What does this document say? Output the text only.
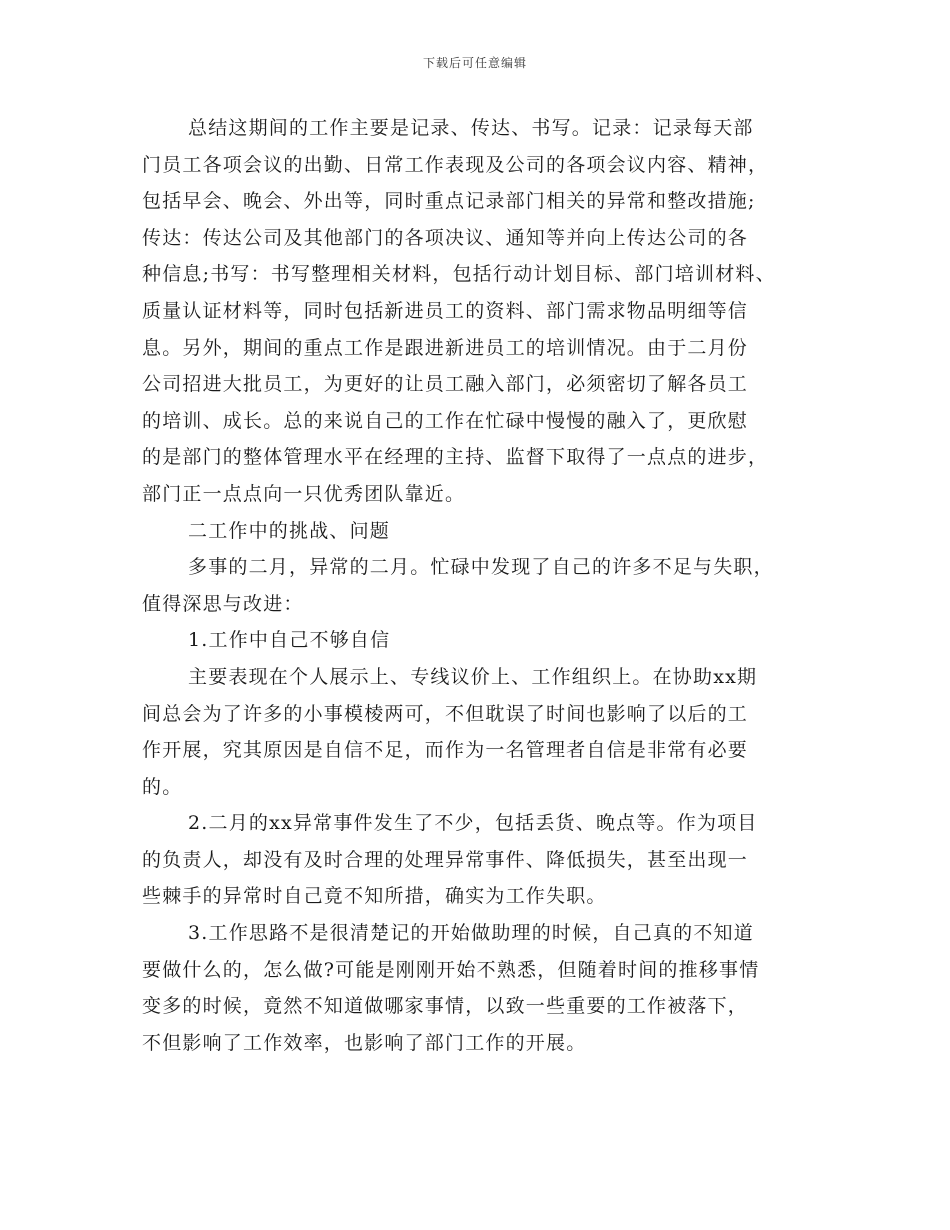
下载后可任意编辑
总结这期间的工作主要是记录、传达、书写。记录：记录每天部
门员工各项会议的出勤、日常工作表现及公司的各项会议内容、精神，
包括早会、晚会、外出等，同时重点记录部门相关的异常和整改措施;
传达：传达公司及其他部门的各项决议、通知等并向上传达公司的各
种信息;书写：书写整理相关材料，包括行动计划目标、部门培训材料、
质量认证材料等，同时包括新进员工的资料、部门需求物品明细等信
息。另外，期间的重点工作是跟进新进员工的培训情况。由于二月份
公司招进大批员工，为更好的让员工融入部门，必须密切了解各员工
的培训、成长。总的来说自己的工作在忙碌中慢慢的融入了，更欣慰
的是部门的整体管理水平在经理的主持、监督下取得了一点点的进步，
部门正一点点向一只优秀团队靠近。
二工作中的挑战、问题
多事的二月，异常的二月。忙碌中发现了自己的许多不足与失职，
值得深思与改进：
1.工作中自己不够自信
主要表现在个人展示上、专线议价上、工作组织上。在协助xx期
间总会为了许多的小事模棱两可，不但耽误了时间也影响了以后的工
作开展，究其原因是自信不足，而作为一名管理者自信是非常有必要
的。
2.二月的xx异常事件发生了不少，包括丢货、晚点等。作为项目
的负责人，却没有及时合理的处理异常事件、降低损失，甚至出现一
些棘手的异常时自己竟不知所措，确实为工作失职。
3.工作思路不是很清楚记的开始做助理的时候，自己真的不知道
要做什么的，怎么做?可能是刚刚开始不熟悉，但随着时间的推移事情
变多的时候，竟然不知道做哪家事情，以致一些重要的工作被落下，
不但影响了工作效率，也影响了部门工作的开展。
